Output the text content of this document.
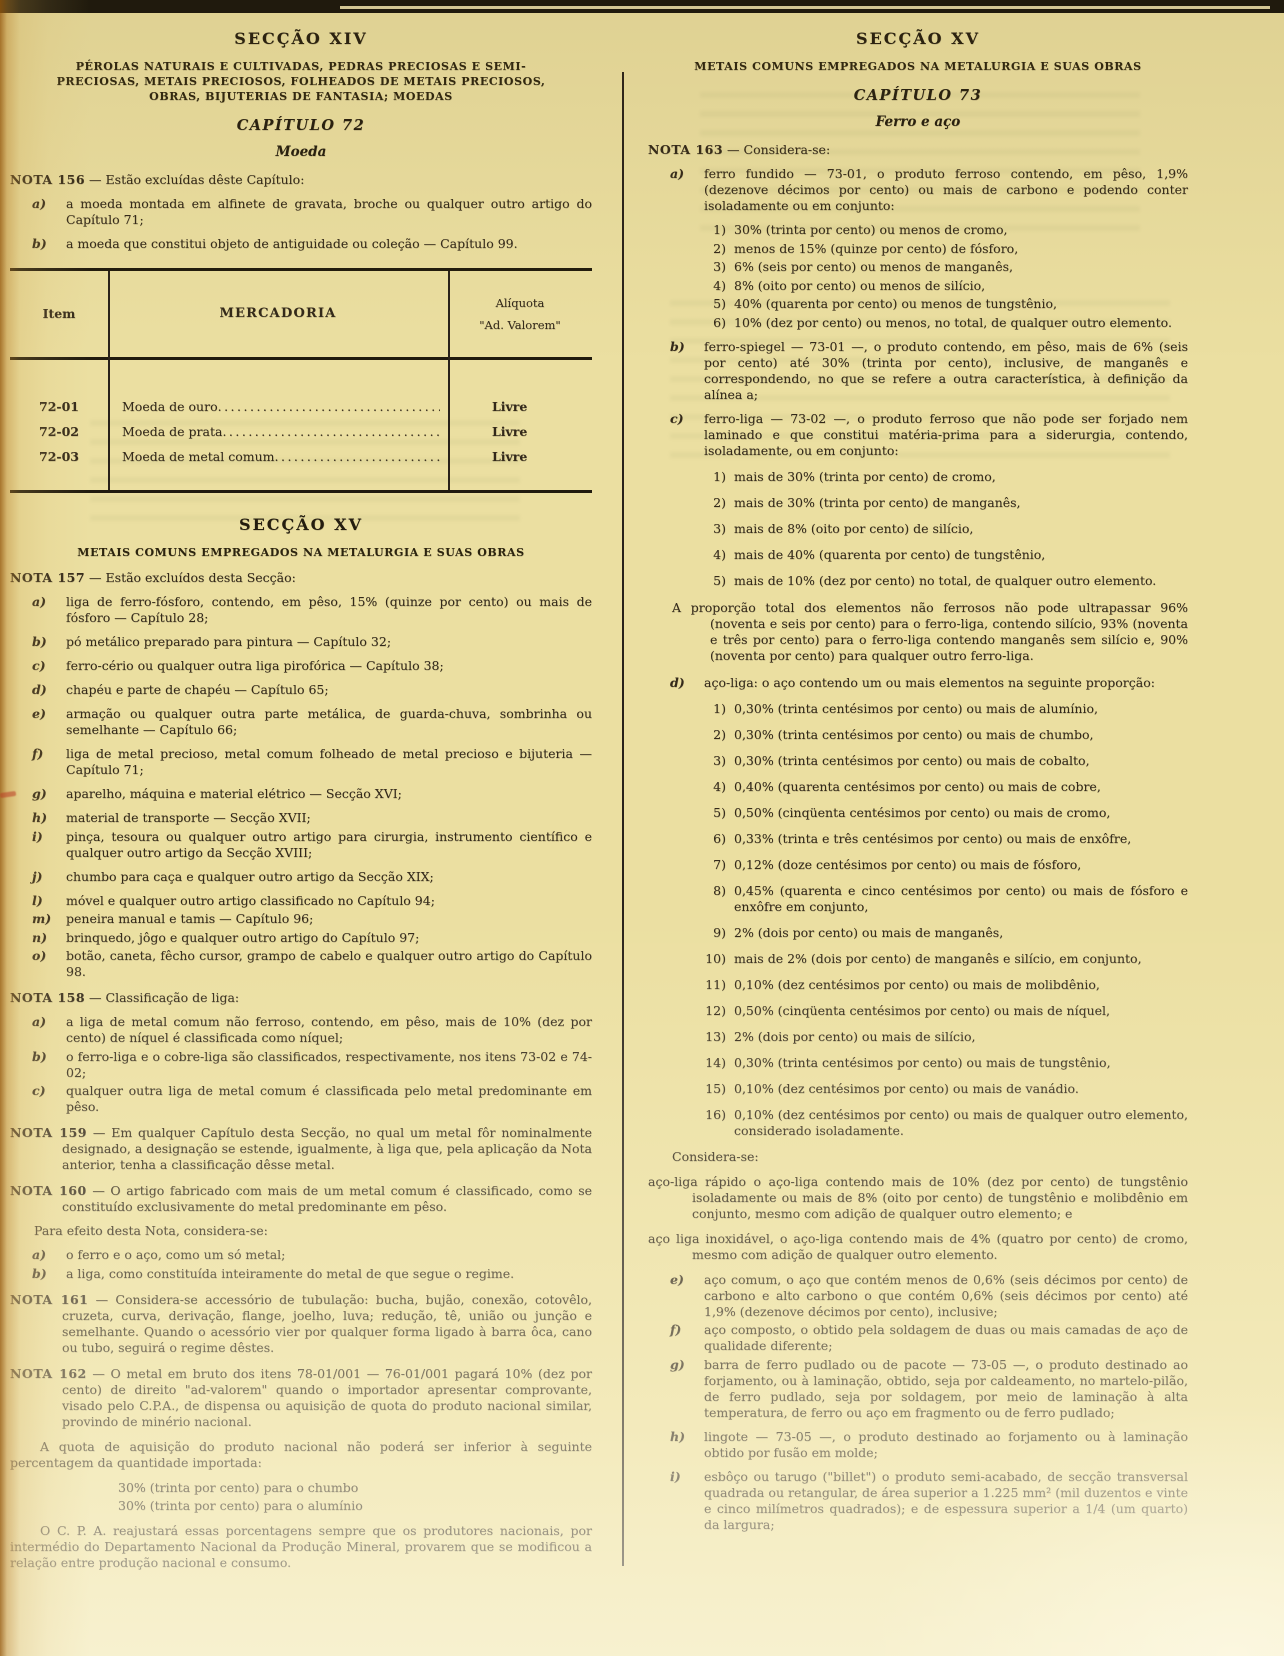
SECÇÃO XIV
PÉROLAS NATURAIS E CULTIVADAS, PEDRAS PRECIOSAS E SEMI-PRECIOSAS, METAIS PRECIOSOS, FOLHEADOS DE METAIS PRECIOSOS, OBRAS, BIJUTERIAS DE FANTASIA; MOEDAS
CAPÍTULO 72
Moeda
NOTA 156 — Estão excluídas dêste Capítulo:
a) a moeda montada em alfinete de gravata, broche ou qualquer outro artigo do Capítulo 71;
b) a moeda que constitui objeto de antiguidade ou coleção — Capítulo 99.
Item	MERCADORIA
Alíquota
"Ad. Valorem"
72-01	Moeda de ouro .....	Livre
72-02	Moeda de prata .....	Livre
72-03	Moeda de metal comum .....	Livre
SECÇÃO XV
METAIS COMUNS EMPREGADOS NA METALURGIA E SUAS OBRAS
NOTA 157 — Estão excluídos desta Secção:
a) liga de ferro-fósforo, contendo, em pêso, 15% (quinze por cento) ou mais de fósforo — Capítulo 28;
b) pó metálico preparado para pintura — Capítulo 32;
c) ferro-cério ou qualquer outra liga pirofórica — Capítulo 38;
d) chapéu e parte de chapéu — Capítulo 65;
e) armação ou qualquer outra parte metálica, de guarda-chuva, sombrinha ou semelhante — Capítulo 66;
f) liga de metal precioso, metal comum folheado de metal precioso e bijuteria — Capítulo 71;
g) aparelho, máquina e material elétrico — Secção XVI;
h) material de transporte — Secção XVII;
i) pinça, tesoura ou qualquer outro artigo para cirurgia, instrumento científico e qualquer outro artigo da Secção XVIII;
j) chumbo para caça e qualquer outro artigo da Secção XIX;
l) móvel e qualquer outro artigo classificado no Capítulo 94;
m) peneira manual e tamis — Capítulo 96;
n) brinquedo, jôgo e qualquer outro artigo do Capítulo 97;
o) botão, caneta, fêcho cursor, grampo de cabelo e qualquer outro artigo do Capítulo 98.
NOTA 158 — Classificação de liga:
a) a liga de metal comum não ferroso, contendo, em pêso, mais de 10% (dez por cento) de níquel é classificada como níquel;
b) o ferro-liga e o cobre-liga são classificados, respectivamente, nos itens 73-02 e 74-02;
c) qualquer outra liga de metal comum é classificada pelo metal predominante em pêso.
NOTA 159 — Em qualquer Capítulo desta Secção, no qual um metal fôr nominalmente designado, a designação se estende, igualmente, à liga que, pela aplicação da Nota anterior, tenha a classificação dêsse metal.
NOTA 160 — O artigo fabricado com mais de um metal comum é classificado, como se constituído exclusivamente do metal predominante em pêso.
Para efeito desta Nota, considera-se:
a) o ferro e o aço, como um só metal;
b) a liga, como constituída inteiramente do metal de que segue o regime.
NOTA 161 — Considera-se accessório de tubulação: bucha, bujão, conexão, cotovêlo, cruzeta, curva, derivação, flange, joelho, luva; redução, tê, união ou junção e semelhante. Quando o acessório vier por qualquer forma ligado à barra ôca, cano ou tubo, seguirá o regime dêstes.
NOTA 162 — O metal em bruto dos itens 78-01/001 — 76-01/001 pagará 10% (dez por cento) de direito "ad-valorem" quando o importador apresentar comprovante, visado pelo C.P.A., de dispensa ou aquisição de quota do produto nacional similar, provindo de minério nacional.
A quota de aquisição do produto nacional não poderá ser inferior à seguinte percentagem da quantidade importada:
30% (trinta por cento) para o chumbo
30% (trinta por cento) para o alumínio
O C. P. A. reajustará essas porcentagens sempre que os produtores nacionais, por intermédio do Departamento Nacional da Produção Mineral, provarem que se modificou a relação entre produção nacional e consumo.
SECÇÃO XV
METAIS COMUNS EMPREGADOS NA METALURGIA E SUAS OBRAS
CAPÍTULO 73
Ferro e aço
NOTA 163 — Considera-se:
a) ferro fundido — 73-01, o produto ferroso contendo, em pêso, 1,9% (dezenove décimos por cento) ou mais de carbono e podendo conter isoladamente ou em conjunto:
1) 30% (trinta por cento) ou menos de cromo,
2) menos de 15% (quinze por cento) de fósforo,
3) 6% (seis por cento) ou menos de manganês,
4) 8% (oito por cento) ou menos de silício,
5) 40% (quarenta por cento) ou menos de tungstênio,
6) 10% (dez por cento) ou menos, no total, de qualquer outro elemento.
b) ferro-spiegel — 73-01 —, o produto contendo, em pêso, mais de 6% (seis por cento) até 30% (trinta por cento), inclusive, de manganês e correspondendo, no que se refere a outra característica, à definição da alínea a;
c) ferro-liga — 73-02 —, o produto ferroso que não pode ser forjado nem laminado e que constitui matéria-prima para a siderurgia, contendo, isoladamente, ou em conjunto:
1) mais de 30% (trinta por cento) de cromo,
2) mais de 30% (trinta por cento) de manganês,
3) mais de 8% (oito por cento) de silício,
4) mais de 40% (quarenta por cento) de tungstênio,
5) mais de 10% (dez por cento) no total, de qualquer outro elemento.
A proporção total dos elementos não ferrosos não pode ultrapassar 96% (noventa e seis por cento) para o ferro-liga, contendo silício, 93% (noventa e três por cento) para o ferro-liga contendo manganês sem silício e, 90% (noventa por cento) para qualquer outro ferro-liga.
d) aço-liga: o aço contendo um ou mais elementos na seguinte proporção:
1) 0,30% (trinta centésimos por cento) ou mais de alumínio,
2) 0,30% (trinta centésimos por cento) ou mais de chumbo,
3) 0,30% (trinta centésimos por cento) ou mais de cobalto,
4) 0,40% (quarenta centésimos por cento) ou mais de cobre,
5) 0,50% (cinqüenta centésimos por cento) ou mais de cromo,
6) 0,33% (trinta e três centésimos por cento) ou mais de enxôfre,
7) 0,12% (doze centésimos por cento) ou mais de fósforo,
8) 0,45% (quarenta e cinco centésimos por cento) ou mais de fósforo e enxôfre em conjunto,
9) 2% (dois por cento) ou mais de manganês,
10) mais de 2% (dois por cento) de manganês e silício, em conjunto,
11) 0,10% (dez centésimos por cento) ou mais de molibdênio,
12) 0,50% (cinqüenta centésimos por cento) ou mais de níquel,
13) 2% (dois por cento) ou mais de silício,
14) 0,30% (trinta centésimos por cento) ou mais de tungstênio,
15) 0,10% (dez centésimos por cento) ou mais de vanádio.
16) 0,10% (dez centésimos por cento) ou mais de qualquer outro elemento, considerado isoladamente.
Considera-se:
aço-liga rápido o aço-liga contendo mais de 10% (dez por cento) de tungstênio isoladamente ou mais de 8% (oito por cento) de tungstênio e molibdênio em conjunto, mesmo com adição de qualquer outro elemento; e
aço liga inoxidável, o aço-liga contendo mais de 4% (quatro por cento) de cromo, mesmo com adição de qualquer outro elemento.
e) aço comum, o aço que contém menos de 0,6% (seis décimos por cento) de carbono e alto carbono o que contém 0,6% (seis décimos por cento) até 1,9% (dezenove décimos por cento), inclusive;
f) aço composto, o obtido pela soldagem de duas ou mais camadas de aço de qualidade diferente;
g) barra de ferro pudlado ou de pacote — 73-05 —, o produto destinado ao forjamento, ou à laminação, obtido, seja por caldeamento, no martelo-pilão, de ferro pudlado, seja por soldagem, por meio de laminação à alta temperatura, de ferro ou aço em fragmento ou de ferro pudlado;
h) lingote — 73-05 —, o produto destinado ao forjamento ou à laminação obtido por fusão em molde;
i) esbôço ou tarugo ("billet") o produto semi-acabado, de secção transversal quadrada ou retangular, de área superior a 1.225 mm² (mil duzentos e vinte e cinco milímetros quadrados); e de espessura superior a 1/4 (um quarto) da largura;
